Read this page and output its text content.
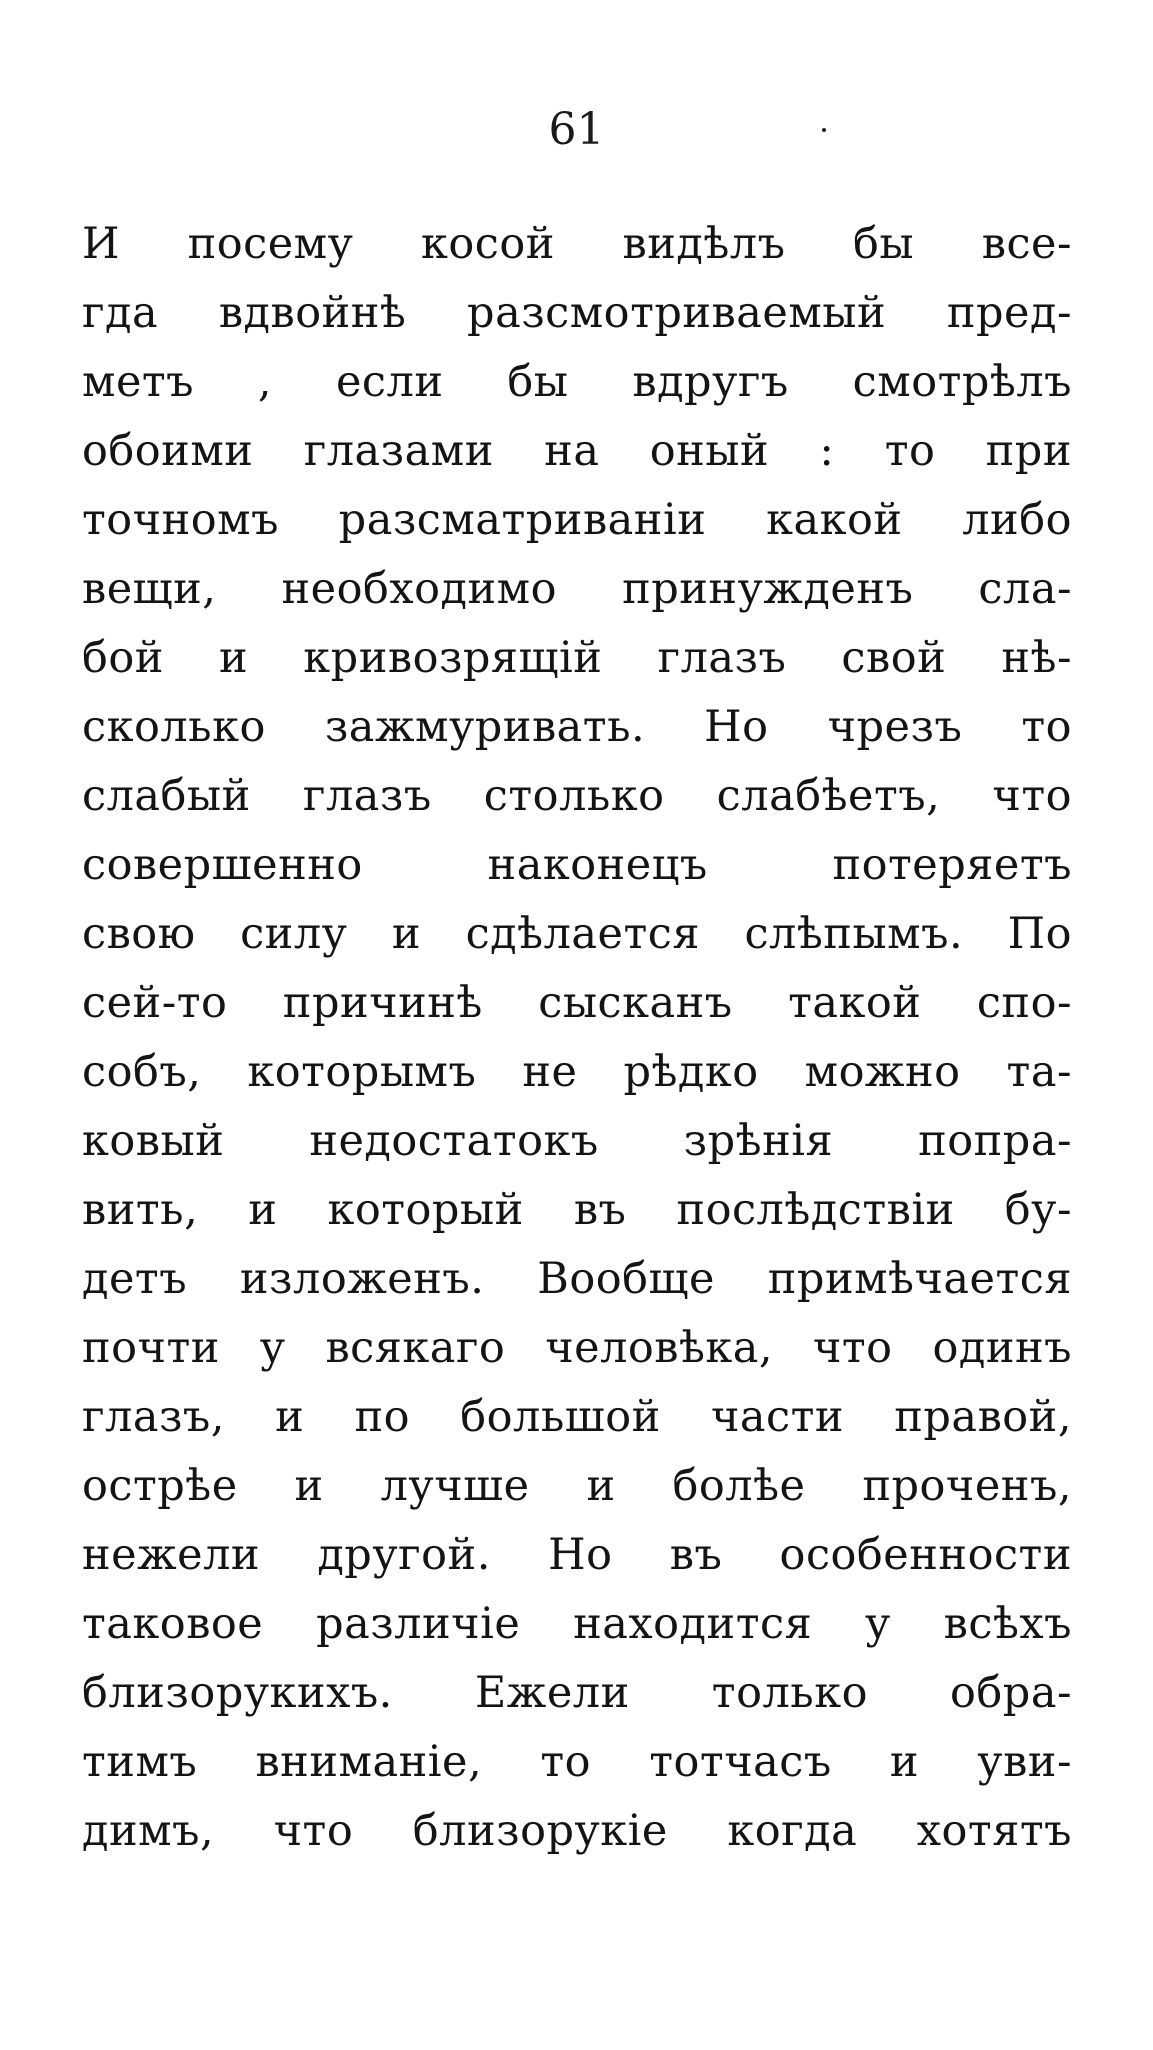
61
И посему косой видѣлъ бы все-
гда вдвойнѣ разсмотриваемый пред-
метъ , если бы вдругъ смотрѣлъ
обоими глазами на оный : то при
точномъ разсматриваніи какой либо
вещи, необходимо принужденъ сла-
бой и кривозрящій глазъ свой нѣ-
сколько зажмуривать. Но чрезъ то
слабый глазъ столько слабѣетъ, что
совершенно наконецъ потеряетъ
свою силу и сдѣлается слѣпымъ. По
сей-то причинѣ сысканъ такой спо-
собъ, которымъ не рѣдко можно та-
ковый недостатокъ зрѣнія попра-
вить, и который въ послѣдствіи бу-
детъ изложенъ. Вообще примѣчается
почти у всякаго человѣка, что одинъ
глазъ, и по большой части правой,
острѣе и лучше и болѣе проченъ,
нежели другой. Но въ особенности
таковое различіе находится у всѣхъ
близорукихъ. Ежели только обра-
тимъ вниманіе, то тотчасъ и уви-
димъ, что близорукіе когда хотятъ
